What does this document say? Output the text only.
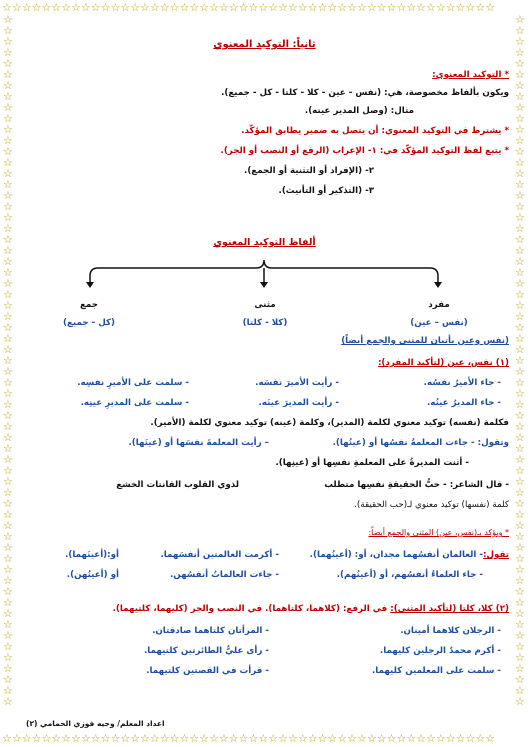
☆☆☆☆☆☆☆☆☆☆☆☆☆☆☆☆☆☆☆☆☆☆☆☆☆☆☆☆☆☆☆☆☆☆☆☆☆☆☆☆☆☆☆☆☆☆☆☆☆☆
☆☆☆☆☆☆☆☆☆☆☆☆☆☆☆☆☆☆☆☆☆☆☆☆☆☆☆☆☆☆☆☆☆☆☆☆☆☆☆☆☆☆☆☆☆☆☆☆☆☆
☆☆☆☆☆☆☆☆☆☆☆☆☆☆☆☆☆☆☆☆☆☆☆☆☆☆☆☆☆☆☆☆☆☆☆☆☆☆☆☆☆☆☆☆☆☆☆☆☆☆☆☆☆☆☆☆☆☆☆☆☆☆☆
☆☆☆☆☆☆☆☆☆☆☆☆☆☆☆☆☆☆☆☆☆☆☆☆☆☆☆☆☆☆☆☆☆☆☆☆☆☆☆☆☆☆☆☆☆☆☆☆☆☆☆☆☆☆☆☆☆☆☆☆☆☆☆
ثانياً: التوكيد المعنوي
* التوكيد المعنوي:
ويكون بألفاظ مخصوصة، هي: (نفس - عين - كلا - كلتا - كل - جميع).
مثال: (وصل المدير عينه).
* يشترط في التوكيد المعنوي: أن يتصل به ضمير يطابق المؤكّد.
* يتبع لفظ التوكيد المؤكّد في: ١- الإعراب (الرفع أو النصب أو الجر).
٢- (الإفراد أو التثنية أو الجمع).
٣- (التذكير أو التأنيث).
ألفاظ التوكيد المعنوي
مفرد
(نفس – عين)
مثنى
(كلا - كلتا)
جمع
(كل - جميع)
(نفس وعين يأتيان للمثنى والجمع أيضاً)
(١) نفس، عين (لتأكيد المفرد):
- جاء الأميرُ نفسُه.
- رأيت الأميرَ نفسَه.
- سلمت على الأميرِ نفسِه.
- جاء المديرُ عينُه.
- رأيت المديرَ عينَه.
- سلمت على المديرِ عينِه.
فكلمة (نفسه) توكيد معنوي لكلمة (المدير)، وكلمة (عينه) توكيد معنوي لكلمة (الأمير).
وتقول: - جاءت المعلمةُ نفسُها أو (عينُها).
– رأيت المعلمةَ نفسَها أو (عينَها).
- أثنت المديرةُ على المعلمةِ نفسِها أو (عينِها).
- قال الشاعر: - حبُّ الحقيقةِ نفسِها متطلب
لذوي القلوب القانتات الخشع
كلمة (نفسها) توكيد معنوي لـ(حب الحقيقة).
* ويؤكد بـ(نفس، عين) المثنى والجمع أيضاً:
تقول:
- العالمان أنفسُهما مجدان، أو: (أعينُهما).
- أكرمت العالمتين أنفسَهما.
أو:(أعينَهما).
- جاء العلماءُ أنفسُهم، أو (أعينُهم).
- جاءت العالماتُ أنفسُهن.
أو (أعينُهن).
(٢) كلا، كلتا (لتأكيد المثنى): في الرفع: (كلاهما، كلتاهما). في النصب والجر (كليهما، كلتيهما).
- الرجلان كلاهما أمينان.
- المرأتان كلتاهما صادقتان.
- أكرم محمدٌ الرجلين كليهما.
- رأى عليٌّ الطائرتين كلتيهما.
- سلمت على المعلمين كليهما.
- قرأت في القصتين كلتيهما.
اعداد المعلم/ وجيه فوزي الحمامي (٢)
